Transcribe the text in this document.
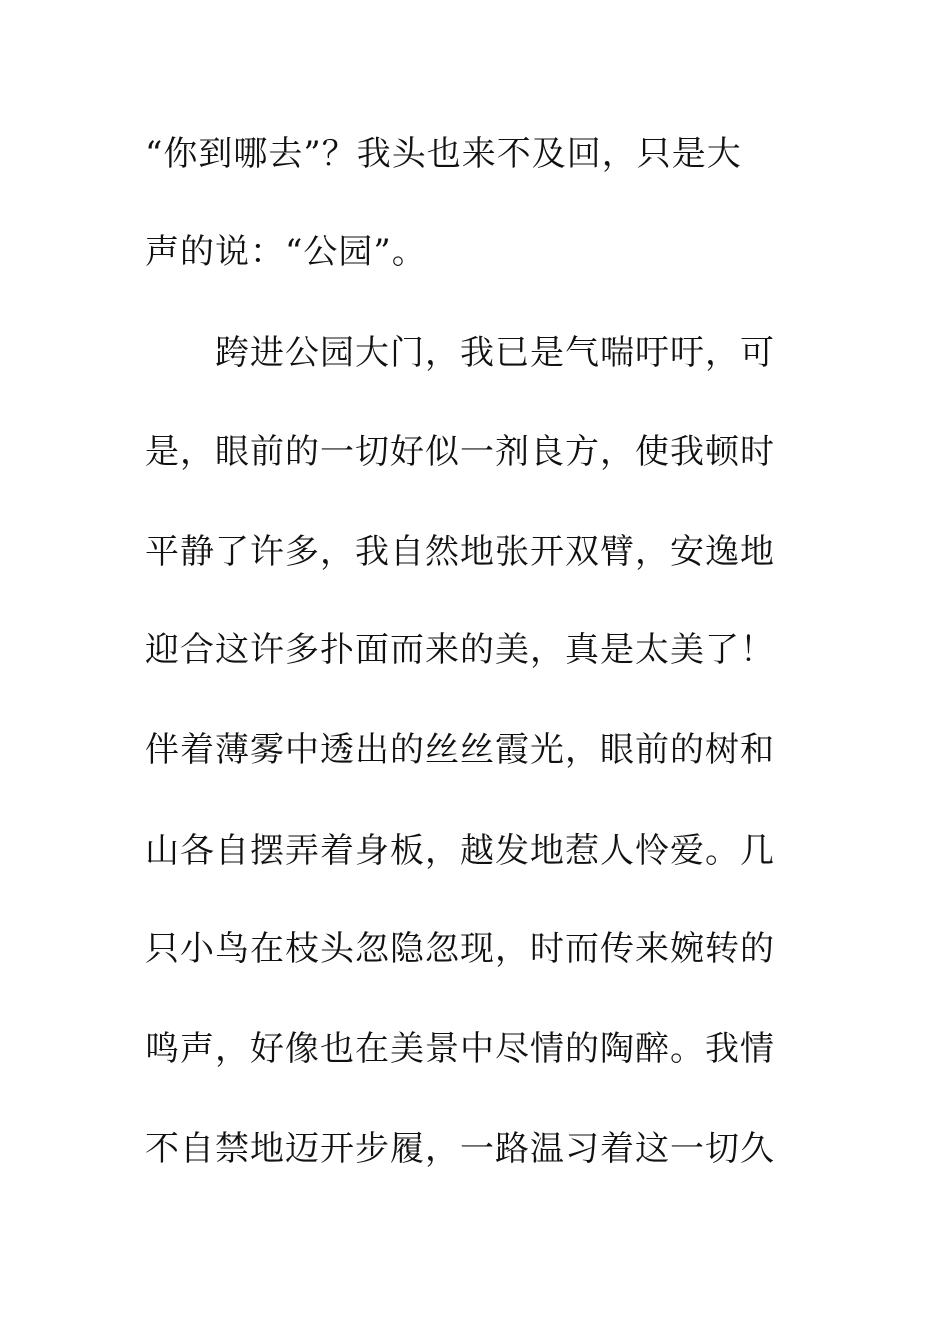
“你到哪去”？我头也来不及回，只是大
声的说：“公园”。
跨进公园大门，我已是气喘吁吁，可
是，眼前的一切好似一剂良方，使我顿时
平静了许多，我自然地张开双臂，安逸地
迎合这许多扑面而来的美，真是太美了！
伴着薄雾中透出的丝丝霞光，眼前的树和
山各自摆弄着身板，越发地惹人怜爱。几
只小鸟在枝头忽隐忽现，时而传来婉转的
鸣声，好像也在美景中尽情的陶醉。我情
不自禁地迈开步履，一路温习着这一切久
